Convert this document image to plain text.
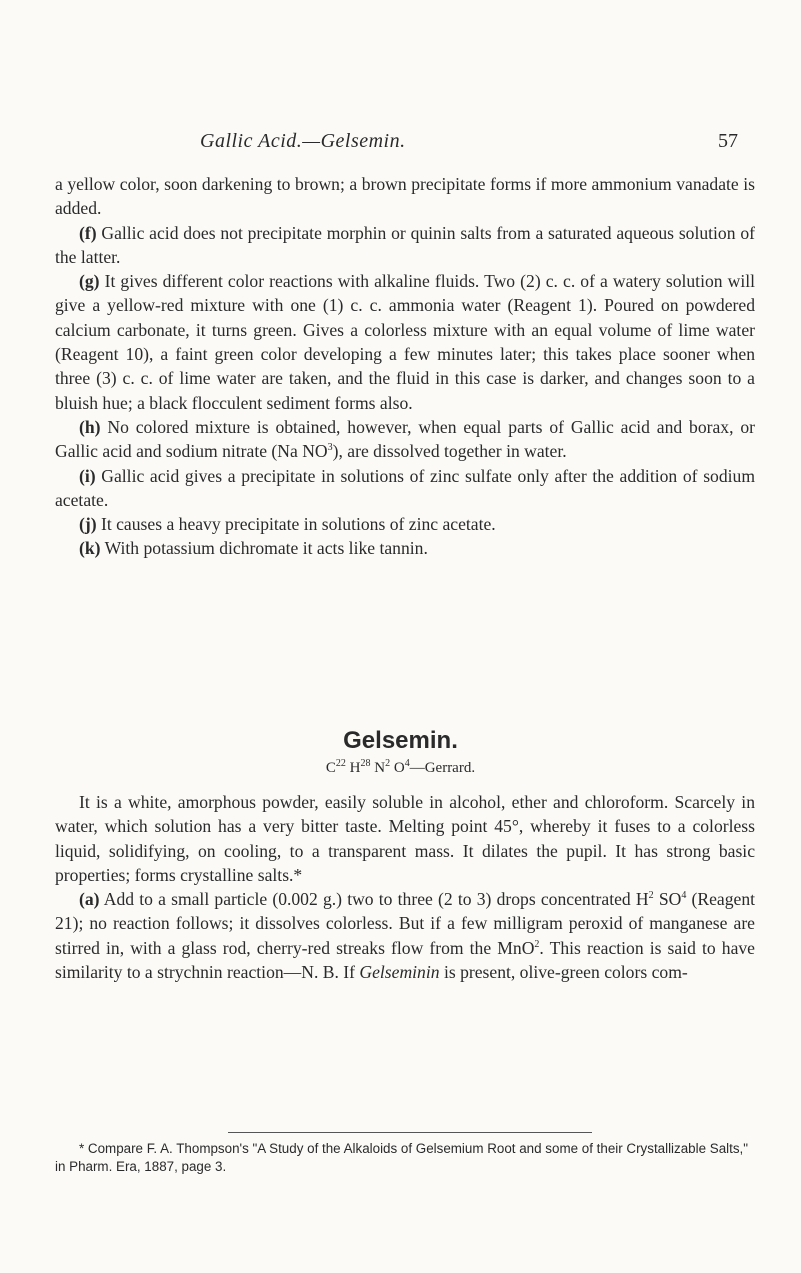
Gallic Acid.—Gelsemin.	57

a yellow color, soon darkening to brown; a brown precipitate forms if more ammonium vanadate is added.

(f) Gallic acid does not precipitate morphin or quinin salts from a saturated aqueous solution of the latter.

(g) It gives different color reactions with alkaline fluids. Two (2) c. c. of a watery solution will give a yellow-red mixture with one (1) c. c. ammonia water (Reagent 1). Poured on powdered calcium carbonate, it turns green. Gives a colorless mixture with an equal volume of lime water (Reagent 10), a faint green color developing a few minutes later; this takes place sooner when three (3) c. c. of lime water are taken, and the fluid in this case is darker, and changes soon to a bluish hue; a black flocculent sediment forms also.

(h) No colored mixture is obtained, however, when equal parts of Gallic acid and borax, or Gallic acid and sodium nitrate (Na $NO^3$), are dissolved together in water.

(i) Gallic acid gives a precipitate in solutions of zinc sulfate only after the addition of sodium acetate.

(j) It causes a heavy precipitate in solutions of zinc acetate.

(k) With potassium dichromate it acts like tannin.

Gelsemin.
$C^{22}$ $H^{28}$ $N^2$ $O^4—Gerrard$.

It is a white, amorphous powder, easily soluble in alcohol, ether and chloroform. Scarcely in water, which solution has a very bitter taste. Melting point 45°, whereby it fuses to a colorless liquid, solidifying, on cooling, to a transparent mass. It dilates the pupil. It has strong basic properties; forms crystalline salts.*

(a) Add to a small particle (0.002 g.) two to three (2 to 3) drops concentrated $H^2$ $SO^4$ (Reagent 21); no reaction follows; it dissolves colorless. But if a few milligram peroxid of manganese are stirred in, with a glass rod, cherry-red streaks flow from the MnO$^2$. This reaction is said to have similarity to a strychnin reaction—N. B. If Gelseminin is present, olive-green colors com-

* Compare F. A. Thompson's "A Study of the Alkaloids of Gelsemium Root and some of their Crystallizable Salts," in Pharm. Era, 1887, page 3.
